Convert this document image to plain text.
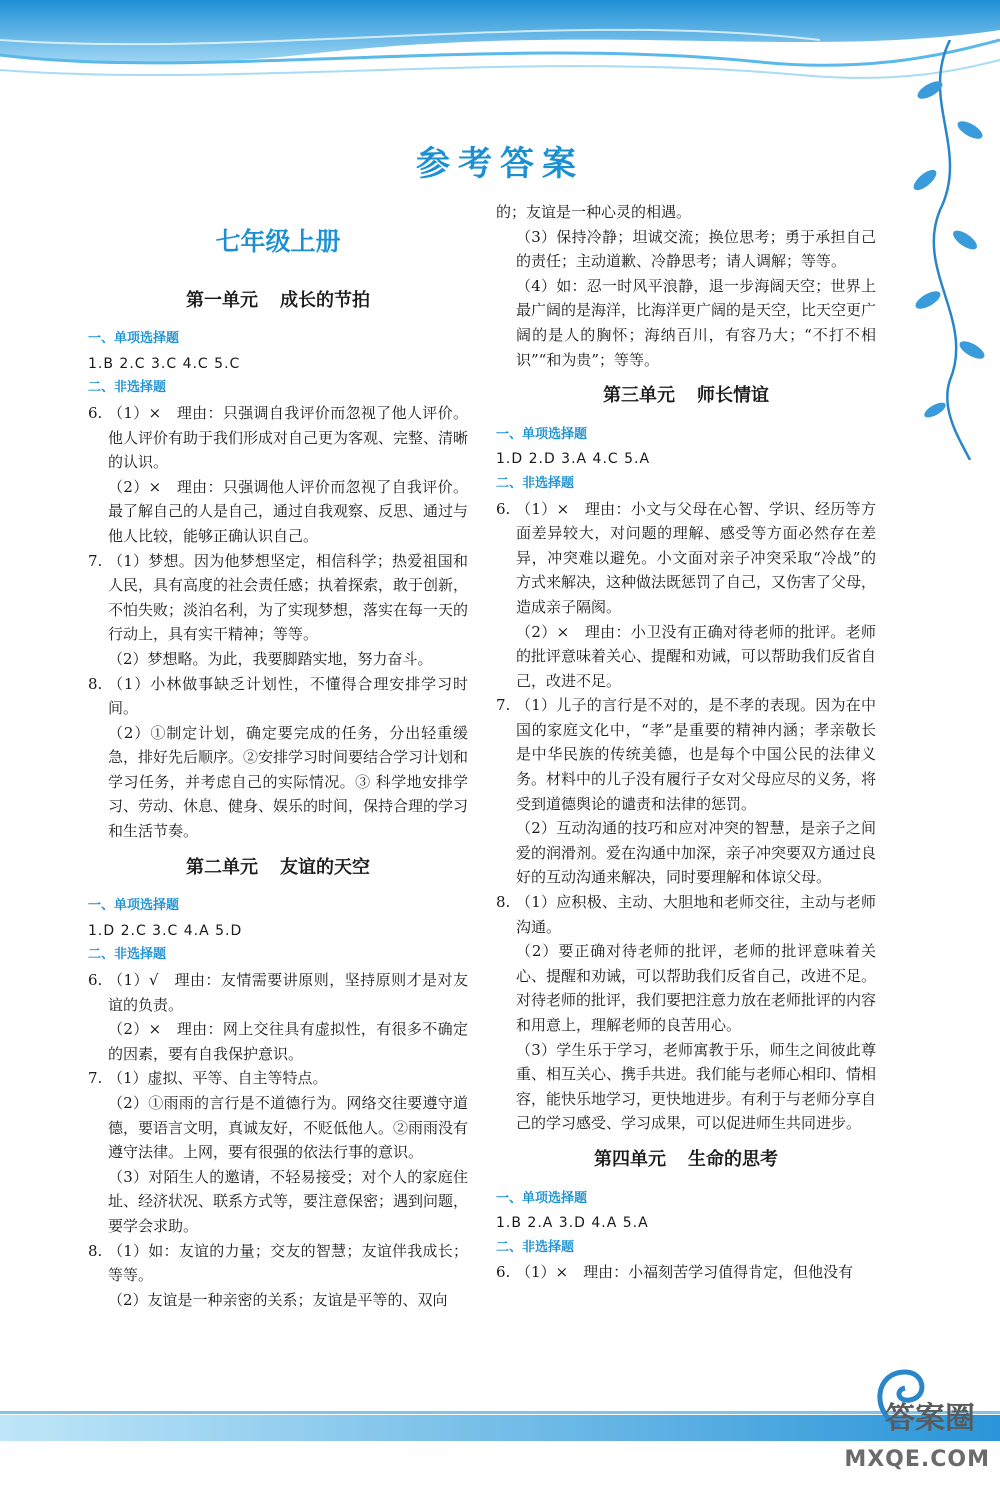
参考答案
七年级上册
第一单元 成长的节拍
一、单项选择题
1.B 2.C 3.C 4.C 5.C
二、非选择题
6. （1）×　理由：只强调自我评价而忽视了他人评价。他人评价有助于我们形成对自己更为客观、完整、清晰的认识。
（2）×　理由：只强调他人评价而忽视了自我评价。最了解自己的人是自己，通过自我观察、反思、通过与他人比较，能够正确认识自己。
7. （1）梦想。因为他梦想坚定，相信科学；热爱祖国和人民，具有高度的社会责任感；执着探索，敢于创新，不怕失败；淡泊名利，为了实现梦想，落实在每一天的行动上，具有实干精神；等等。
（2）梦想略。为此，我要脚踏实地，努力奋斗。
8. （1）小林做事缺乏计划性，不懂得合理安排学习时间。
（2）①制定计划，确定要完成的任务，分出轻重缓急，排好先后顺序。②安排学习时间要结合学习计划和学习任务，并考虑自己的实际情况。③ 科学地安排学习、劳动、休息、健身、娱乐的时间，保持合理的学习和生活节奏。
第二单元 友谊的天空
一、单项选择题
1.D 2.C 3.C 4.A 5.D
二、非选择题
6. （1）√　理由：友情需要讲原则，坚持原则才是对友谊的负责。
（2）×　理由：网上交往具有虚拟性，有很多不确定的因素，要有自我保护意识。
7. （1）虚拟、平等、自主等特点。
（2）①雨雨的言行是不道德行为。网络交往要遵守道德，要语言文明，真诚友好，不贬低他人。②雨雨没有遵守法律。上网，要有很强的依法行事的意识。
（3）对陌生人的邀请，不轻易接受；对个人的家庭住址、经济状况、联系方式等，要注意保密；遇到问题，要学会求助。
8. （1）如：友谊的力量；交友的智慧；友谊伴我成长；等等。
（2）友谊是一种亲密的关系；友谊是平等的、双向
的；友谊是一种心灵的相遇。
（3）保持冷静；坦诚交流；换位思考；勇于承担自己的责任；主动道歉、冷静思考；请人调解；等等。
（4）如：忍一时风平浪静，退一步海阔天空；世界上最广阔的是海洋，比海洋更广阔的是天空，比天空更广阔的是人的胸怀；海纳百川，有容乃大；“不打不相识”“和为贵”；等等。
第三单元 师长情谊
一、单项选择题
1.D 2.D 3.A 4.C 5.A
二、非选择题
6. （1）×　理由：小文与父母在心智、学识、经历等方面差异较大，对问题的理解、感受等方面必然存在差异，冲突难以避免。小文面对亲子冲突采取“冷战”的方式来解决，这种做法既惩罚了自己，又伤害了父母，造成亲子隔阂。
（2）×　理由：小卫没有正确对待老师的批评。老师的批评意味着关心、提醒和劝诫，可以帮助我们反省自己，改进不足。
7. （1）儿子的言行是不对的，是不孝的表现。因为在中国的家庭文化中，“孝”是重要的精神内涵；孝亲敬长是中华民族的传统美德，也是每个中国公民的法律义务。材料中的儿子没有履行子女对父母应尽的义务，将受到道德舆论的谴责和法律的惩罚。
（2）互动沟通的技巧和应对冲突的智慧，是亲子之间爱的润滑剂。爱在沟通中加深，亲子冲突要双方通过良好的互动沟通来解决，同时要理解和体谅父母。
8. （1）应积极、主动、大胆地和老师交往，主动与老师沟通。
（2）要正确对待老师的批评，老师的批评意味着关心、提醒和劝诫，可以帮助我们反省自己，改进不足。对待老师的批评，我们要把注意力放在老师批评的内容和用意上，理解老师的良苦用心。
（3）学生乐于学习，老师寓教于乐，师生之间彼此尊重、相互关心、携手共进。我们能与老师心相印、情相容，能快乐地学习，更快地进步。有利于与老师分享自己的学习感受、学习成果，可以促进师生共同进步。
第四单元 生命的思考
一、单项选择题
1.B 2.A 3.D 4.A 5.A
二、非选择题
6. （1）×　理由：小福刻苦学习值得肯定，但他没有
答案圈
MXQE.COM
